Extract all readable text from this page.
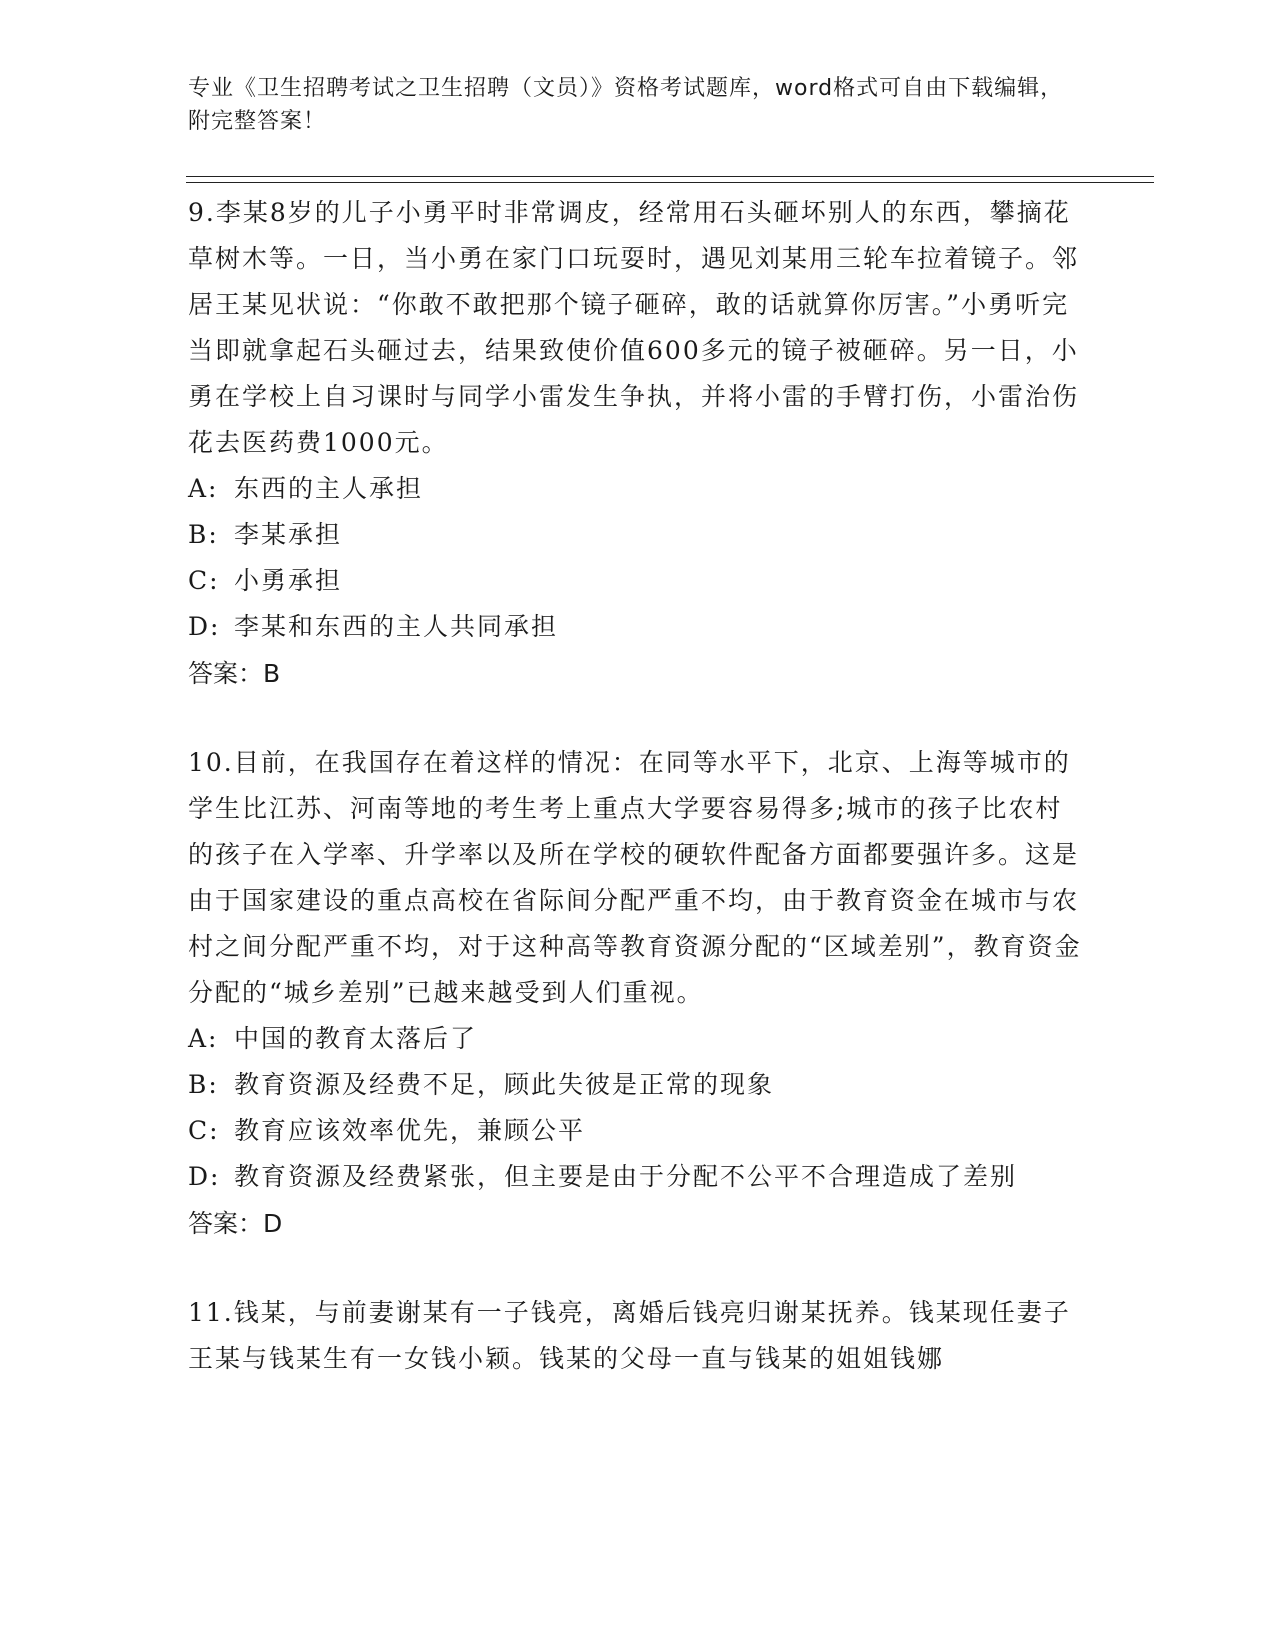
专业《卫生招聘考试之卫生招聘（文员）》资格考试题库，word格式可自由下载编辑，附完整答案！
9.李某8岁的儿子小勇平时非常调皮，经常用石头砸坏别人的东西，攀摘花草树木等。一日，当小勇在家门口玩耍时，遇见刘某用三轮车拉着镜子。邻居王某见状说：“你敢不敢把那个镜子砸碎，敢的话就算你厉害。”小勇听完当即就拿起石头砸过去，结果致使价值600多元的镜子被砸碎。另一日，小勇在学校上自习课时与同学小雷发生争执，并将小雷的手臂打伤，小雷治伤花去医药费1000元。
A: 东西的主人承担
B: 李某承担
C: 小勇承担
D: 李某和东西的主人共同承担
答案：B
10.目前，在我国存在着这样的情况：在同等水平下，北京、上海等城市的学生比江苏、河南等地的考生考上重点大学要容易得多;城市的孩子比农村的孩子在入学率、升学率以及所在学校的硬软件配备方面都要强许多。这是由于国家建设的重点高校在省际间分配严重不均，由于教育资金在城市与农村之间分配严重不均，对于这种高等教育资源分配的“区域差别”，教育资金分配的“城乡差别”已越来越受到人们重视。
A: 中国的教育太落后了
B: 教育资源及经费不足，顾此失彼是正常的现象
C: 教育应该效率优先，兼顾公平
D: 教育资源及经费紧张，但主要是由于分配不公平不合理造成了差别
答案：D
11.钱某，与前妻谢某有一子钱亮，离婚后钱亮归谢某抚养。钱某现任妻子王某与钱某生有一女钱小颖。钱某的父母一直与钱某的姐姐钱娜
